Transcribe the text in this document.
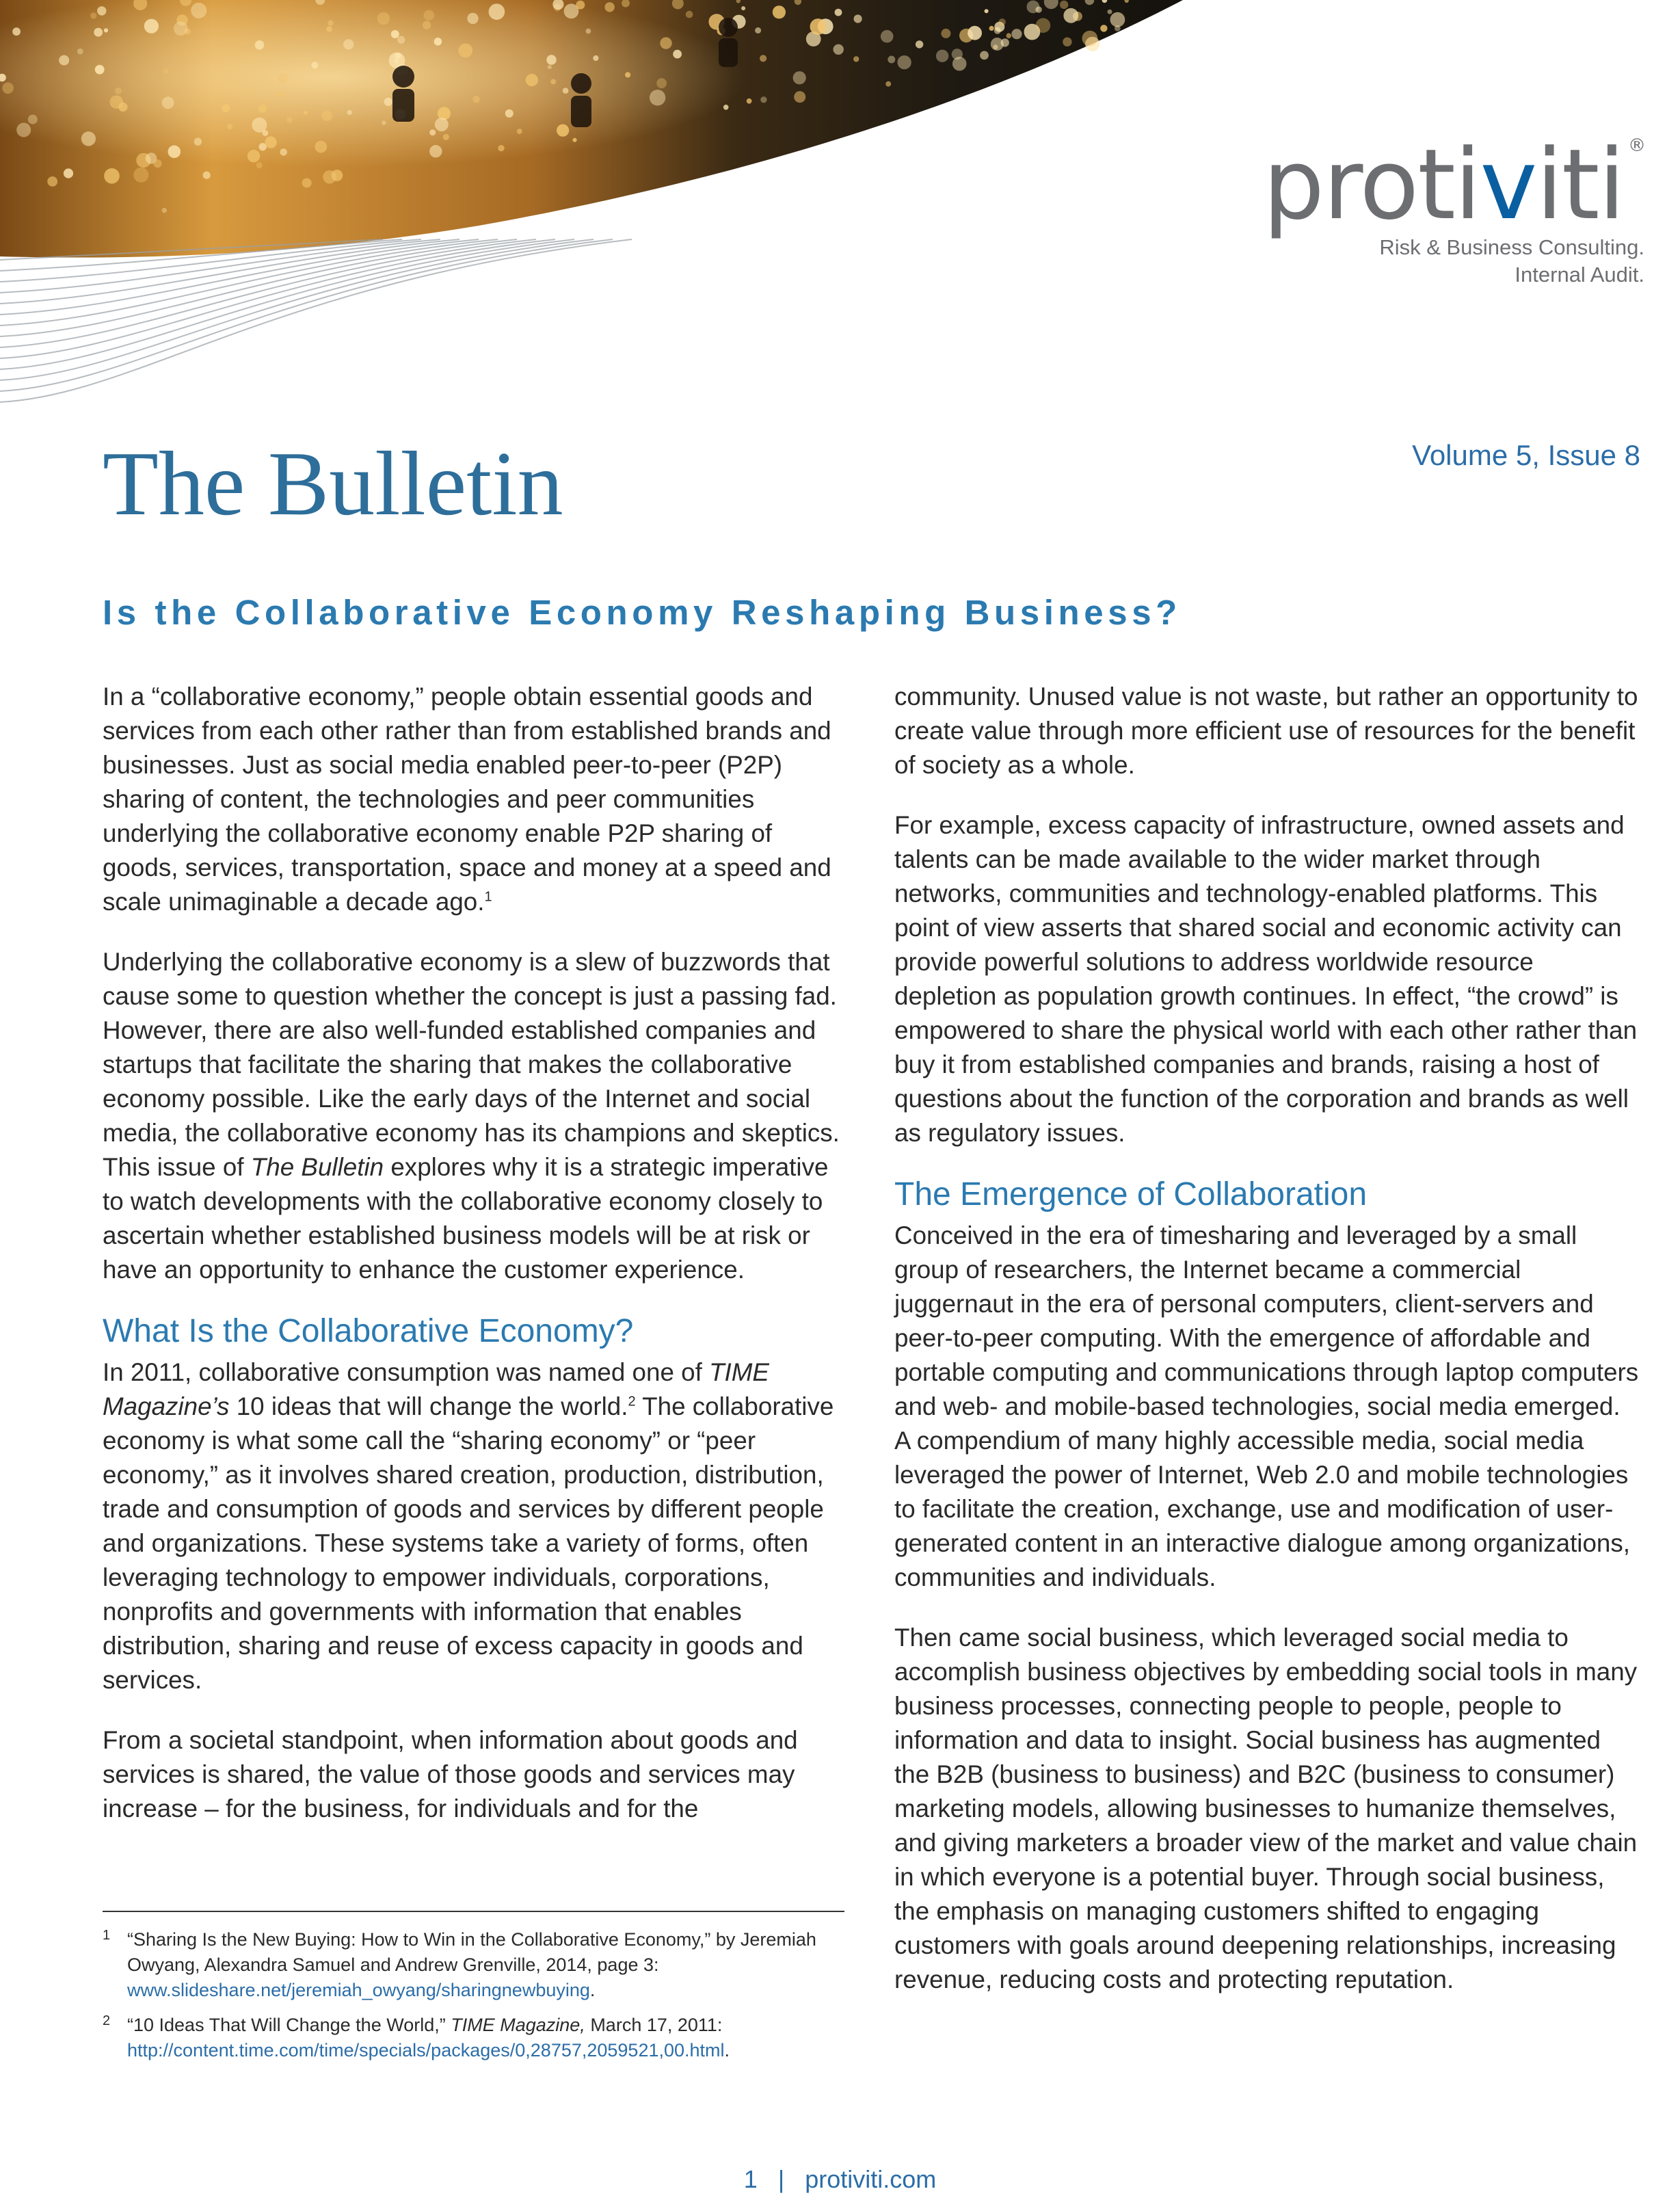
protiviti ®
Risk & Business Consulting.
Internal Audit.
Volume 5, Issue 8
The Bulletin
Is the Collaborative Economy Reshaping Business?

In a “collaborative economy,” people obtain essential goods and services from each other rather than from established brands and businesses. Just as social media enabled peer-to-peer (P2P) sharing of content, the technologies and peer communities underlying the collaborative economy enable P2P sharing of goods, services, transportation, space and money at a speed and scale unimaginable a decade ago.$^1$

Underlying the collaborative economy is a slew of buzzwords that cause some to question whether the concept is just a passing fad. However, there are also well-funded established companies and startups that facilitate the sharing that makes the collaborative economy possible. Like the early days of the Internet and social media, the collaborative economy has its champions and skeptics. This issue of The Bulletin explores why it is a strategic imperative to watch developments with the collaborative economy closely to ascertain whether established business models will be at risk or have an opportunity to enhance the customer experience.

What Is the Collaborative Economy?

In 2011, collaborative consumption was named one of TIME Magazine’s 10 ideas that will change the world.$^2$ The collaborative economy is what some call the “sharing economy” or “peer economy,” as it involves shared creation, production, distribution, trade and consumption of goods and services by different people and organizations. These systems take a variety of forms, often leveraging technology to empower individuals, corporations, nonprofits and governments with information that enables distribution, sharing and reuse of excess capacity in goods and services.

From a societal standpoint, when information about goods and services is shared, the value of those goods and services may increase – for the business, for individuals and for the

community. Unused value is not waste, but rather an opportunity to create value through more efficient use of resources for the benefit of society as a whole.

For example, excess capacity of infrastructure, owned assets and talents can be made available to the wider market through networks, communities and technology-enabled platforms. This point of view asserts that shared social and economic activity can provide powerful solutions to address worldwide resource depletion as population growth continues. In effect, “the crowd” is empowered to share the physical world with each other rather than buy it from established companies and brands, raising a host of questions about the function of the corporation and brands as well as regulatory issues.

The Emergence of Collaboration

Conceived in the era of timesharing and leveraged by a small group of researchers, the Internet became a commercial juggernaut in the era of personal computers, client-servers and peer-to-peer computing. With the emergence of affordable and portable computing and communications through laptop computers and web- and mobile-based technologies, social media emerged. A compendium of many highly accessible media, social media leveraged the power of Internet, Web 2.0 and mobile technologies to facilitate the creation, exchange, use and modification of user-generated content in an interactive dialogue among organizations, communities and individuals.

Then came social business, which leveraged social media to accomplish business objectives by embedding social tools in many business processes, connecting people to people, people to information and data to insight. Social business has augmented the B2B (business to business) and B2C (business to consumer) marketing models, allowing businesses to humanize themselves, and giving marketers a broader view of the market and value chain in which everyone is a potential buyer. Through social business, the emphasis on managing customers shifted to engaging customers with goals around deepening relationships, increasing revenue, reducing costs and protecting reputation.

1 “Sharing Is the New Buying: How to Win in the Collaborative Economy,” by Jeremiah Owyang, Alexandra Samuel and Andrew Grenville, 2014, page 3: www.slideshare.net/jeremiah_owyang/sharingnewbuying.
2 “10 Ideas That Will Change the World,” TIME Magazine, March 17, 2011: http://content.time.com/time/specials/packages/0,28757,2059521,00.html.
1 | protiviti.com
